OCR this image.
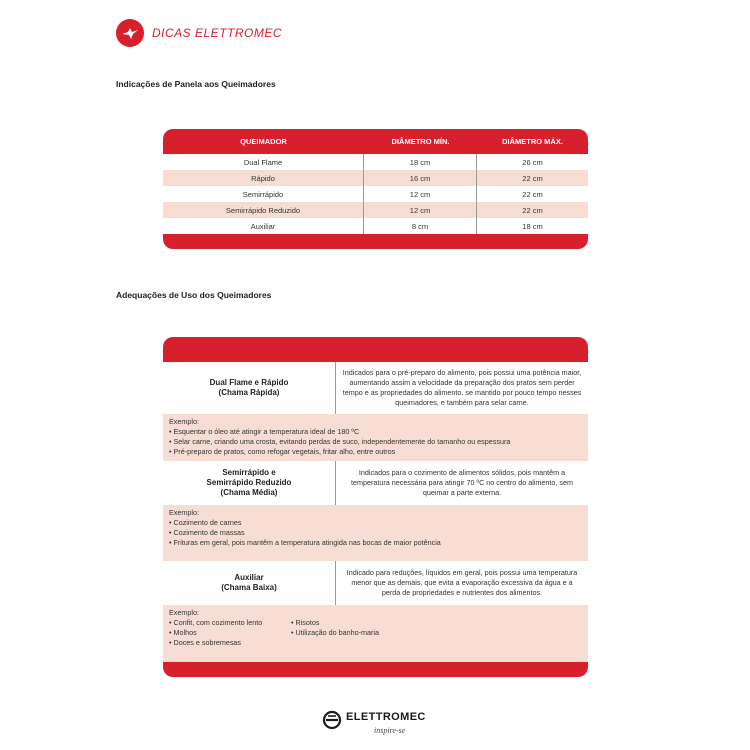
DICAS ELETTROMEC
Indicações de Panela aos Queimadores
QUEIMADOR	DIÂMETRO MÍN.	DIÂMETRO MÁX.
Dual Flame	18 cm	26 cm
Rápido	16 cm	22 cm
Semirrápido	12 cm	22 cm
Semirrápido Reduzido	12 cm	22 cm
Auxiliar	8 cm	18 cm
Adequações de Uso dos Queimadores
Dual Flame e Rápido
(Chama Rápida)
Indicados para o pré-preparo do alimento, pois possui uma potência maior, aumentando assim a velocidade da preparação dos pratos sem perder tempo e as propriedades do alimento, se mantido por pouco tempo nesses queimadores, e também para selar carne.
Exemplo:
• Esquentar o óleo até atingir a temperatura ideal de 180 ºC
• Selar carne, criando uma crosta, evitando perdas de suco, independentemente do tamanho ou espessura
• Pré-preparo de pratos, como refogar vegetais, fritar alho, entre outros
Semirrápido e
Semirrápido Reduzido
(Chama Média)
Indicados para o cozimento de alimentos sólidos, pois mantêm a temperatura necessária para atingir 70 ºC no centro do alimento, sem queimar a parte externa.
Exemplo:
• Cozimento de carnes
• Cozimento de massas
• Frituras em geral, pois mantêm a temperatura atingida nas bocas de maior potência
Auxiliar
(Chama Baixa)
Indicado para reduções, líquidos em geral, pois possui uma temperatura menor que as demais, que evita a evaporação excessiva da água e a perda de propriedades e nutrientes dos alimentos.
Exemplo:
• Confit, com cozimento lento
• Molhos
• Doces e sobremesas
• Risotos
• Utilização do banho-maria
ELETTROMEC
inspire-se
